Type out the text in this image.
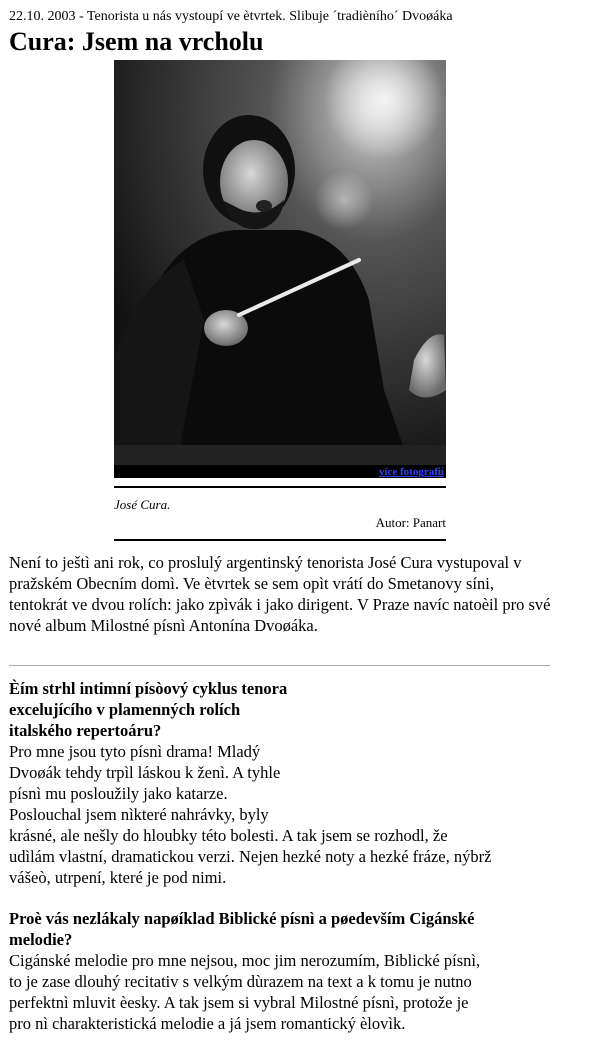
22.10. 2003 - Tenorista u nás vystoupí ve ètvrtek. Slibuje ´tradièního´ Dvoøáka
Cura: Jsem na vrcholu
více fotografií
José Cura.
Autor: Panart

Není to ještì ani rok, co proslulý argentinský tenorista José Cura vystupoval v pražském Obecním domì. Ve ètvrtek se sem opìt vrátí do Smetanovy síni, tentokrát ve dvou rolích: jako zpìvák i jako dirigent. V Praze navíc natoèil pro své nové album Milostné písnì Antonína Dvoøáka.

Èím strhl intimní písòový cyklus tenora
excelujícího v plamenných rolích
italského repertoáru?

Pro mne jsou tyto písnì drama! Mladý
Dvoøák tehdy trpìl láskou k ženì. A tyhle
písnì mu posloužily jako katarze.
Poslouchal jsem nìkteré nahrávky, byly
krásné, ale nešly do hloubky této bolesti. A tak jsem se rozhodl, že
udìlám vlastní, dramatickou verzi. Nejen hezké noty a hezké fráze, nýbrž
vášeò, utrpení, které je pod nimi.

Proè vás nezlákaly napøíklad Biblické písnì a pøedevším Cigánské
melodie?

Cigánské melodie pro mne nejsou, moc jim nerozumím, Biblické písnì,
to je zase dlouhý recitativ s velkým dùrazem na text a k tomu je nutno
perfektnì mluvit èesky. A tak jsem si vybral Milostné písnì, protože je
pro nì charakteristická melodie a já jsem romantický èlovìk.
